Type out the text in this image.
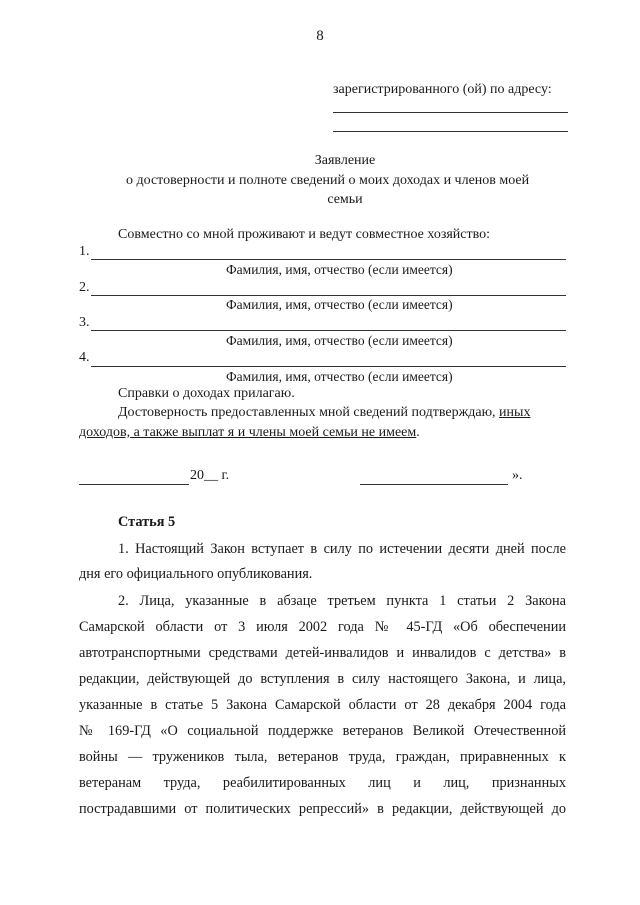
8
зарегистрированного (ой) по адресу:
Заявление
о достоверности и полноте сведений о моих доходах и членов моей
семьи
Совместно со мной проживают и ведут совместное хозяйство:
1.
Фамилия, имя, отчество (если имеется)
2.
Фамилия, имя, отчество (если имеется)
3.
Фамилия, имя, отчество (если имеется)
4.
Фамилия, имя, отчество (если имеется)
Справки о доходах прилагаю.
Достоверность предоставленных мной сведений подтверждаю, иных
доходов, а также выплат я и члены моей семьи не имеем.
20__ г.	».
Статья 5
1. Настоящий Закон вступает в силу по истечении десяти дней после
дня его официального опубликования.
2. Лица, указанные в абзаце третьем пункта 1 статьи 2 Закона
Самарской области от 3 июля 2002 года № 45-ГД «Об обеспечении
автотранспортными средствами детей-инвалидов и инвалидов с детства» в
редакции, действующей до вступления в силу настоящего Закона, и лица,
указанные в статье 5 Закона Самарской области от 28 декабря 2004 года
№ 169-ГД «О социальной поддержке ветеранов Великой Отечественной
войны — тружеников тыла, ветеранов труда, граждан, приравненных к
ветеранам труда, реабилитированных лиц и лиц, признанных
пострадавшими от политических репрессий» в редакции, действующей до
